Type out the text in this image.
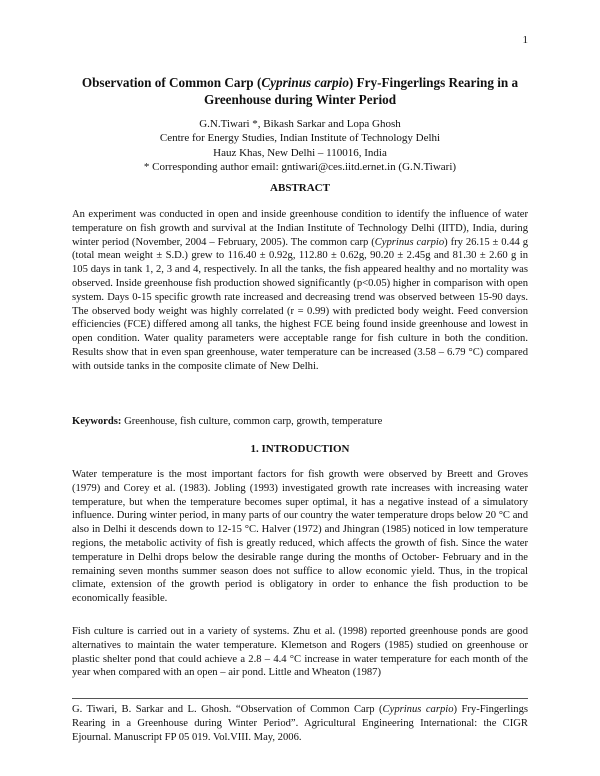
1
Observation of Common Carp (Cyprinus carpio) Fry-Fingerlings Rearing in a Greenhouse during Winter Period
G.N.Tiwari *, Bikash Sarkar and Lopa Ghosh
Centre for Energy Studies, Indian Institute of Technology Delhi
Hauz Khas, New Delhi – 110016, India
* Corresponding author email: gntiwari@ces.iitd.ernet.in (G.N.Tiwari)
ABSTRACT

An experiment was conducted in open and inside greenhouse condition to identify the influence of water temperature on fish growth and survival at the Indian Institute of Technology Delhi (IITD), India, during winter period (November, 2004 – February, 2005). The common carp (Cyprinus carpio) fry 26.15 ± 0.44 g (total mean weight ± S.D.) grew to 116.40 ± 0.92g, 112.80 ± 0.62g, 90.20 ± 2.45g and 81.30 ± 2.60 g in 105 days in tank 1, 2, 3 and 4, respectively. In all the tanks, the fish appeared healthy and no mortality was observed. Inside greenhouse fish production showed significantly (p<0.05) higher in comparison with open system. Days 0-15 specific growth rate increased and decreasing trend was observed between 15-90 days. The observed body weight was highly correlated (r = 0.99) with predicted body weight. Feed conversion efficiencies (FCE) differed among all tanks, the highest FCE being found inside greenhouse and lowest in open condition. Water quality parameters were acceptable range for fish culture in both the condition. Results show that in even span greenhouse, water temperature can be increased (3.58 – 6.79 °C) compared with outside tanks in the composite climate of New Delhi.

Keywords: Greenhouse, fish culture, common carp, growth, temperature

1. INTRODUCTION

Water temperature is the most important factors for fish growth were observed by Breett and Groves (1979) and Corey et al. (1983). Jobling (1993) investigated growth rate increases with increasing water temperature, but when the temperature becomes super optimal, it has a negative instead of a simulatory influence. During winter period, in many parts of our country the water temperature drops below 20 °C and also in Delhi it descends down to 12-15 °C. Halver (1972) and Jhingran (1985) noticed in low temperature regions, the metabolic activity of fish is greatly reduced, which affects the growth of fish. Since the water temperature in Delhi drops below the desirable range during the months of October- February and in the remaining seven months summer season does not suffice to allow economic yield. Thus, in the tropical climate, extension of the growth period is obligatory in order to enhance the fish production to be economically feasible.

Fish culture is carried out in a variety of systems. Zhu et al. (1998) reported greenhouse ponds are good alternatives to maintain the water temperature. Klemetson and Rogers (1985) studied on greenhouse or plastic shelter pond that could achieve a 2.8 – 4.4 °C increase in water temperature for each month of the year when compared with an open – air pond. Little and Wheaton (1987)

G. Tiwari, B. Sarkar and L. Ghosh. “Observation of Common Carp (Cyprinus carpio) Fry-Fingerlings Rearing in a Greenhouse during Winter Period”. Agricultural Engineering International: the CIGR Ejournal. Manuscript FP 05 019. Vol.VIII. May, 2006.
